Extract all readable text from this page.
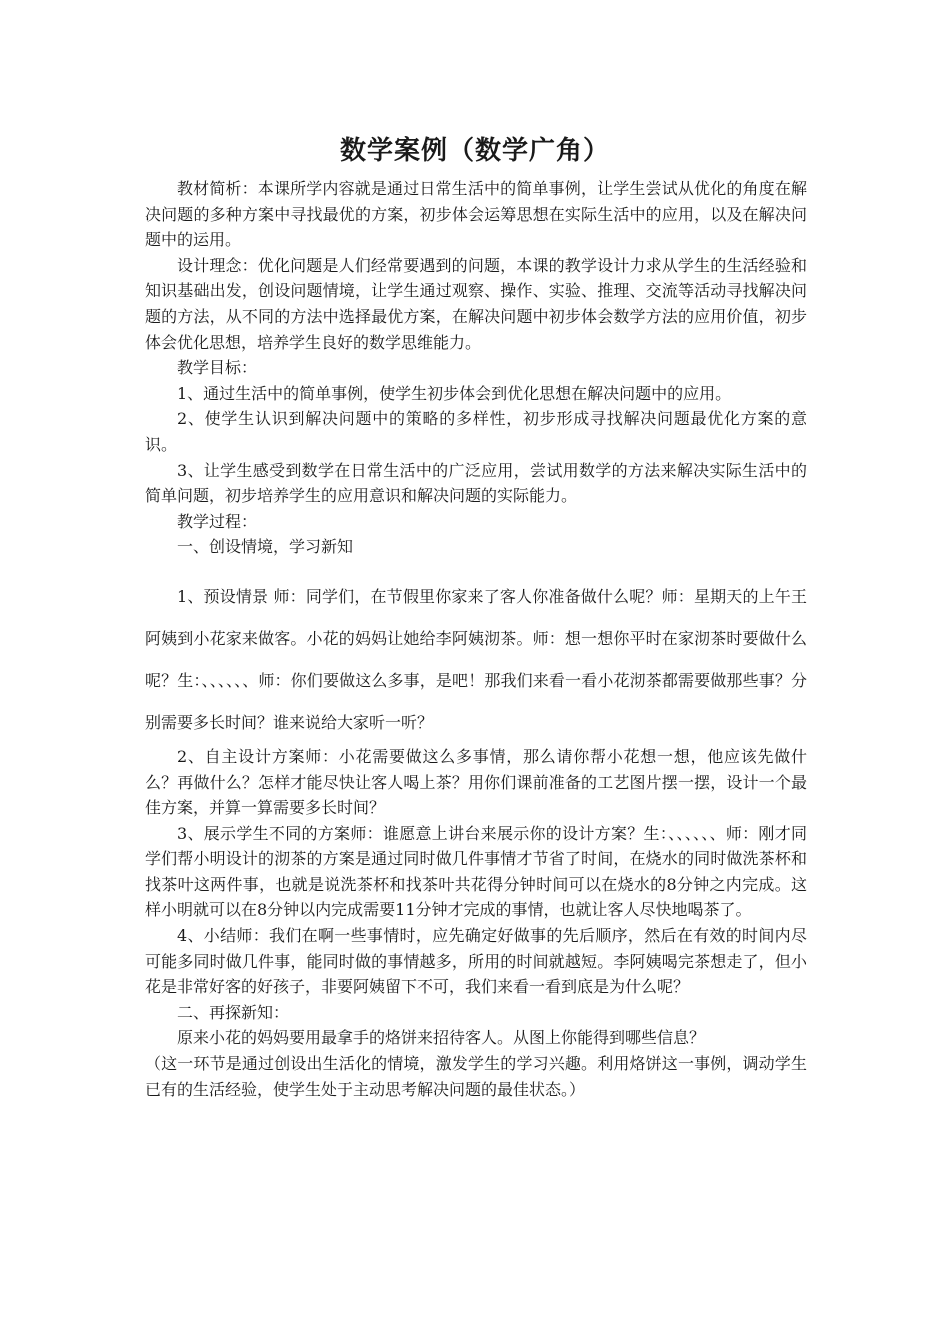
数学案例（数学广角）

教材简析：本课所学内容就是通过日常生活中的简单事例，让学生尝试从优化的角度在解决问题的多种方案中寻找最优的方案，初步体会运筹思想在实际生活中的应用，以及在解决问题中的运用。

设计理念：优化问题是人们经常要遇到的问题，本课的教学设计力求从学生的生活经验和知识基础出发，创设问题情境，让学生通过观察、操作、实验、推理、交流等活动寻找解决问题的方法，从不同的方法中选择最优方案，在解决问题中初步体会数学方法的应用价值，初步体会优化思想，培养学生良好的数学思维能力。

教学目标：

1、通过生活中的简单事例，使学生初步体会到优化思想在解决问题中的应用。

2、使学生认识到解决问题中的策略的多样性，初步形成寻找解决问题最优化方案的意识。

3、让学生感受到数学在日常生活中的广泛应用，尝试用数学的方法来解决实际生活中的简单问题，初步培养学生的应用意识和解决问题的实际能力。

教学过程：

一、创设情境，学习新知

1、预设情景 师：同学们，在节假里你家来了客人你准备做什么呢？师：星期天的上午王阿姨到小花家来做客。小花的妈妈让她给李阿姨沏茶。师：想一想你平时在家沏茶时要做什么呢？生：、、、、、、师：你们要做这么多事，是吧！那我们来看一看小花沏茶都需要做那些事？分别需要多长时间？谁来说给大家听一听？

2、自主设计方案师：小花需要做这么多事情，那么请你帮小花想一想，他应该先做什么？再做什么？怎样才能尽快让客人喝上茶？用你们课前准备的工艺图片摆一摆，设计一个最佳方案，并算一算需要多长时间？

3、展示学生不同的方案师：谁愿意上讲台来展示你的设计方案？生：、、、、、、师：刚才同学们帮小明设计的沏茶的方案是通过同时做几件事情才节省了时间，在烧水的同时做洗茶杯和找茶叶这两件事，也就是说洗茶杯和找茶叶共花得分钟时间可以在烧水的8分钟之内完成。这样小明就可以在8分钟以内完成需要11分钟才完成的事情，也就让客人尽快地喝茶了。

4、小结师：我们在啊一些事情时，应先确定好做事的先后顺序，然后在有效的时间内尽可能多同时做几件事，能同时做的事情越多，所用的时间就越短。李阿姨喝完茶想走了，但小花是非常好客的好孩子，非要阿姨留下不可，我们来看一看到底是为什么呢？

二、再探新知：

原来小花的妈妈要用最拿手的烙饼来招待客人。从图上你能得到哪些信息？

（这一环节是通过创设出生活化的情境，激发学生的学习兴趣。利用烙饼这一事例，调动学生已有的生活经验，使学生处于主动思考解决问题的最佳状态。）
